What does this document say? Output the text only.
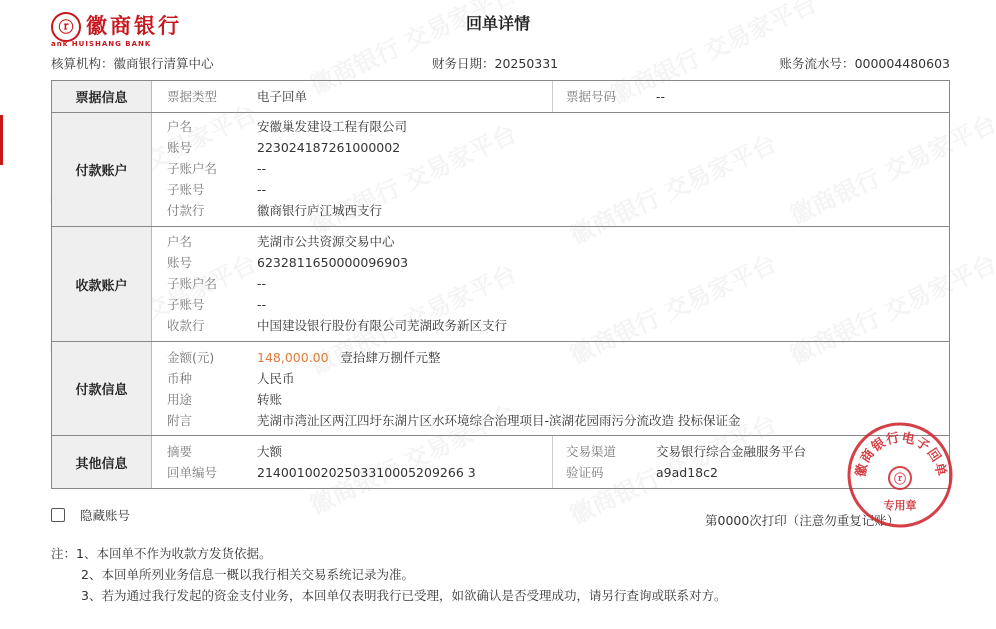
ⓡ 徽商银行
ank HUISHANG BANK
回单详情
核算机构：徽商银行清算中心	财务日期：20250331	账务流水号：000004480603
票据信息	票据类型	电子回单	票据号码	--
付款账户
户名	安徽巢发建设工程有限公司
账号	223024187261000002
子账户名	--
子账号	--
付款行	徽商银行庐江城西支行
收款账户
户名	芜湖市公共资源交易中心
账号	6232811650000096903
子账户名	--
子账号	--
收款行	中国建设银行股份有限公司芜湖政务新区支行
付款信息
金额(元)	148,000.00 壹拾肆万捌仟元整
币种	人民币
用途	转账
附言	芜湖市湾沚区两江四圩东湖片区水环境综合治理项目-滨湖花园雨污分流改造 投标保证金
其他信息
摘要	大额
回单编号	21400100202503310005209266 3
交易渠道	交易银行综合金融服务平台
验证码	a9ad18c2
隐藏账号	第0000次打印（注意勿重复记账）
注：1、本回单不作为收款方发货依据。
2、本回单所列业务信息一概以我行相关交易系统记录为准。
3、若为通过我行发起的资金支付业务，本回单仅表明我行已受理，如欲确认是否受理成功，请另行查询或联系对方。
徽商银行电子回单
ⓡ
专用章
